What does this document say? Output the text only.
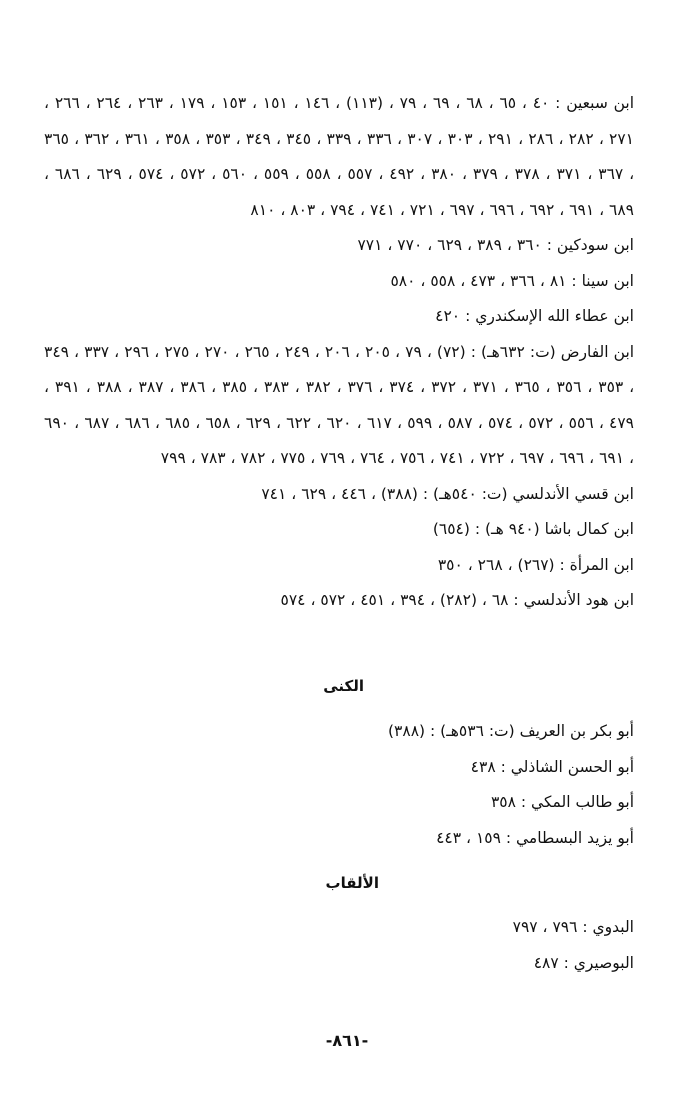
ابن سبعين : ٤٠ ، ٦٥ ، ٦٨ ، ٦٩ ، ٧٩ ، (١١٣) ، ١٤٦ ، ١٥١ ، ١٥٣ ، ١٧٩ ، ٢٦٣ ، ٢٦٤ ، ٢٦٦ ، ٢٧١ ، ٢٨٢ ، ٢٨٦ ، ٢٩١ ، ٣٠٣ ، ٣٠٧ ، ٣٣٦ ، ٣٣٩ ، ٣٤٥ ، ٣٤٩ ، ٣٥٣ ، ٣٥٨ ، ٣٦١ ، ٣٦٢ ، ٣٦٥ ، ٣٦٧ ، ٣٧١ ، ٣٧٨ ، ٣٧٩ ، ٣٨٠ ، ٤٩٢ ، ٥٥٧ ، ٥٥٨ ، ٥٥٩ ، ٥٦٠ ، ٥٧٢ ، ٥٧٤ ، ٦٢٩ ، ٦٨٦ ، ٦٨٩ ، ٦٩١ ، ٦٩٢ ، ٦٩٦ ، ٦٩٧ ، ٧٢١ ، ٧٤١ ، ٧٩٤ ، ٨٠٣ ، ٨١٠

ابن سودكين : ٣٦٠ ، ٣٨٩ ، ٦٢٩ ، ٧٧٠ ، ٧٧١

ابن سينا : ٨١ ، ٣٦٦ ، ٤٧٣ ، ٥٥٨ ، ٥٨٠

ابن عطاء الله الإسكندري : ٤٢٠

ابن الفارض (ت: ٦٣٢هـ) : (٧٢) ، ٧٩ ، ٢٠٥ ، ٢٠٦ ، ٢٤٩ ، ٢٦٥ ، ٢٧٠ ، ٢٧٥ ، ٢٩٦ ، ٣٣٧ ، ٣٤٩ ، ٣٥٣ ، ٣٥٦ ، ٣٦٥ ، ٣٧١ ، ٣٧٢ ، ٣٧٤ ، ٣٧٦ ، ٣٨٢ ، ٣٨٣ ، ٣٨٥ ، ٣٨٦ ، ٣٨٧ ، ٣٨٨ ، ٣٩١ ، ٤٧٩ ، ٥٥٦ ، ٥٧٢ ، ٥٧٤ ، ٥٨٧ ، ٥٩٩ ، ٦١٧ ، ٦٢٠ ، ٦٢٢ ، ٦٢٩ ، ٦٥٨ ، ٦٨٥ ، ٦٨٦ ، ٦٨٧ ، ٦٩٠ ، ٦٩١ ، ٦٩٦ ، ٦٩٧ ، ٧٢٢ ، ٧٤١ ، ٧٥٦ ، ٧٦٤ ، ٧٦٩ ، ٧٧٥ ، ٧٨٢ ، ٧٨٣ ، ٧٩٩

ابن قسي الأندلسي (ت: ٥٤٠هـ) : (٣٨٨) ، ٤٤٦ ، ٦٢٩ ، ٧٤١

ابن كمال باشا (٩٤٠ هـ) : (٦٥٤)

ابن المرأة : (٢٦٧) ، ٢٦٨ ، ٣٥٠

ابن هود الأندلسي : ٦٨ ، (٢٨٢) ، ٣٩٤ ، ٤٥١ ، ٥٧٢ ، ٥٧٤

الكنى

أبو بكر بن العريف (ت: ٥٣٦هـ) : (٣٨٨)

أبو الحسن الشاذلي : ٤٣٨

أبو طالب المكي : ٣٥٨

أبو يزيد البسطامي : ١٥٩ ، ٤٤٣

الألقاب

البدوي : ٧٩٦ ، ٧٩٧

البوصيري : ٤٨٧

-٨٦١-
